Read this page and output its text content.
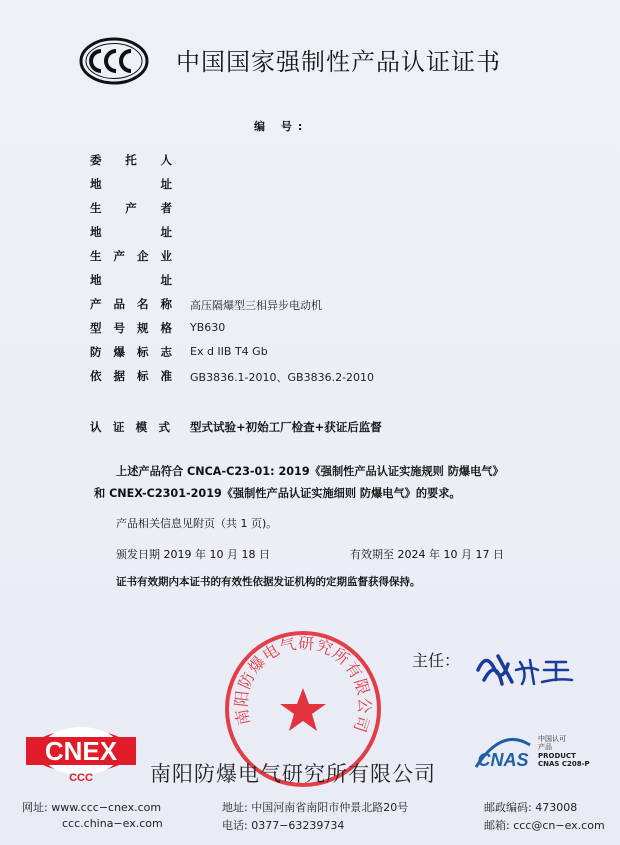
中国国家强制性产品认证证书
编 号:
委 托 人
地	址
生 产 者
地	址
生 产 企 业
地	址
产 品 名 称 高压隔爆型三相异步电动机
型 号 规 格 YB630
防 爆 标 志 Ex d IIB T4 Gb
依 据 标 准 GB3836.1-2010、GB3836.2-2010
认 证 模 式 型式试验+初始工厂检查+获证后监督
上述产品符合 CNCA-C23-01: 2019《强制性产品认证实施规则 防爆电气》
和 CNEX-C2301-2019《强制性产品认证实施细则 防爆电气》的要求。
产品相关信息见附页（共 1 页)。
颁发日期 2019 年 10 月 18 日	有效期至 2024 年 10 月 17 日
证书有效期内本证书的有效性依据发证机构的定期监督获得保持。
南阳防爆电气研究所有限公司
主任：
CNEX
CCC	南阳防爆电气研究所有限公司
CNAS
中国认可
产品
PRODUCT
CNAS C208-P
网址: www.ccc−cnex.com
ccc.china−ex.com
地址: 中国河南省南阳市仲景北路20号
电话: 0377−63239734
邮政编码: 473008
邮箱: ccc@cn−ex.com
